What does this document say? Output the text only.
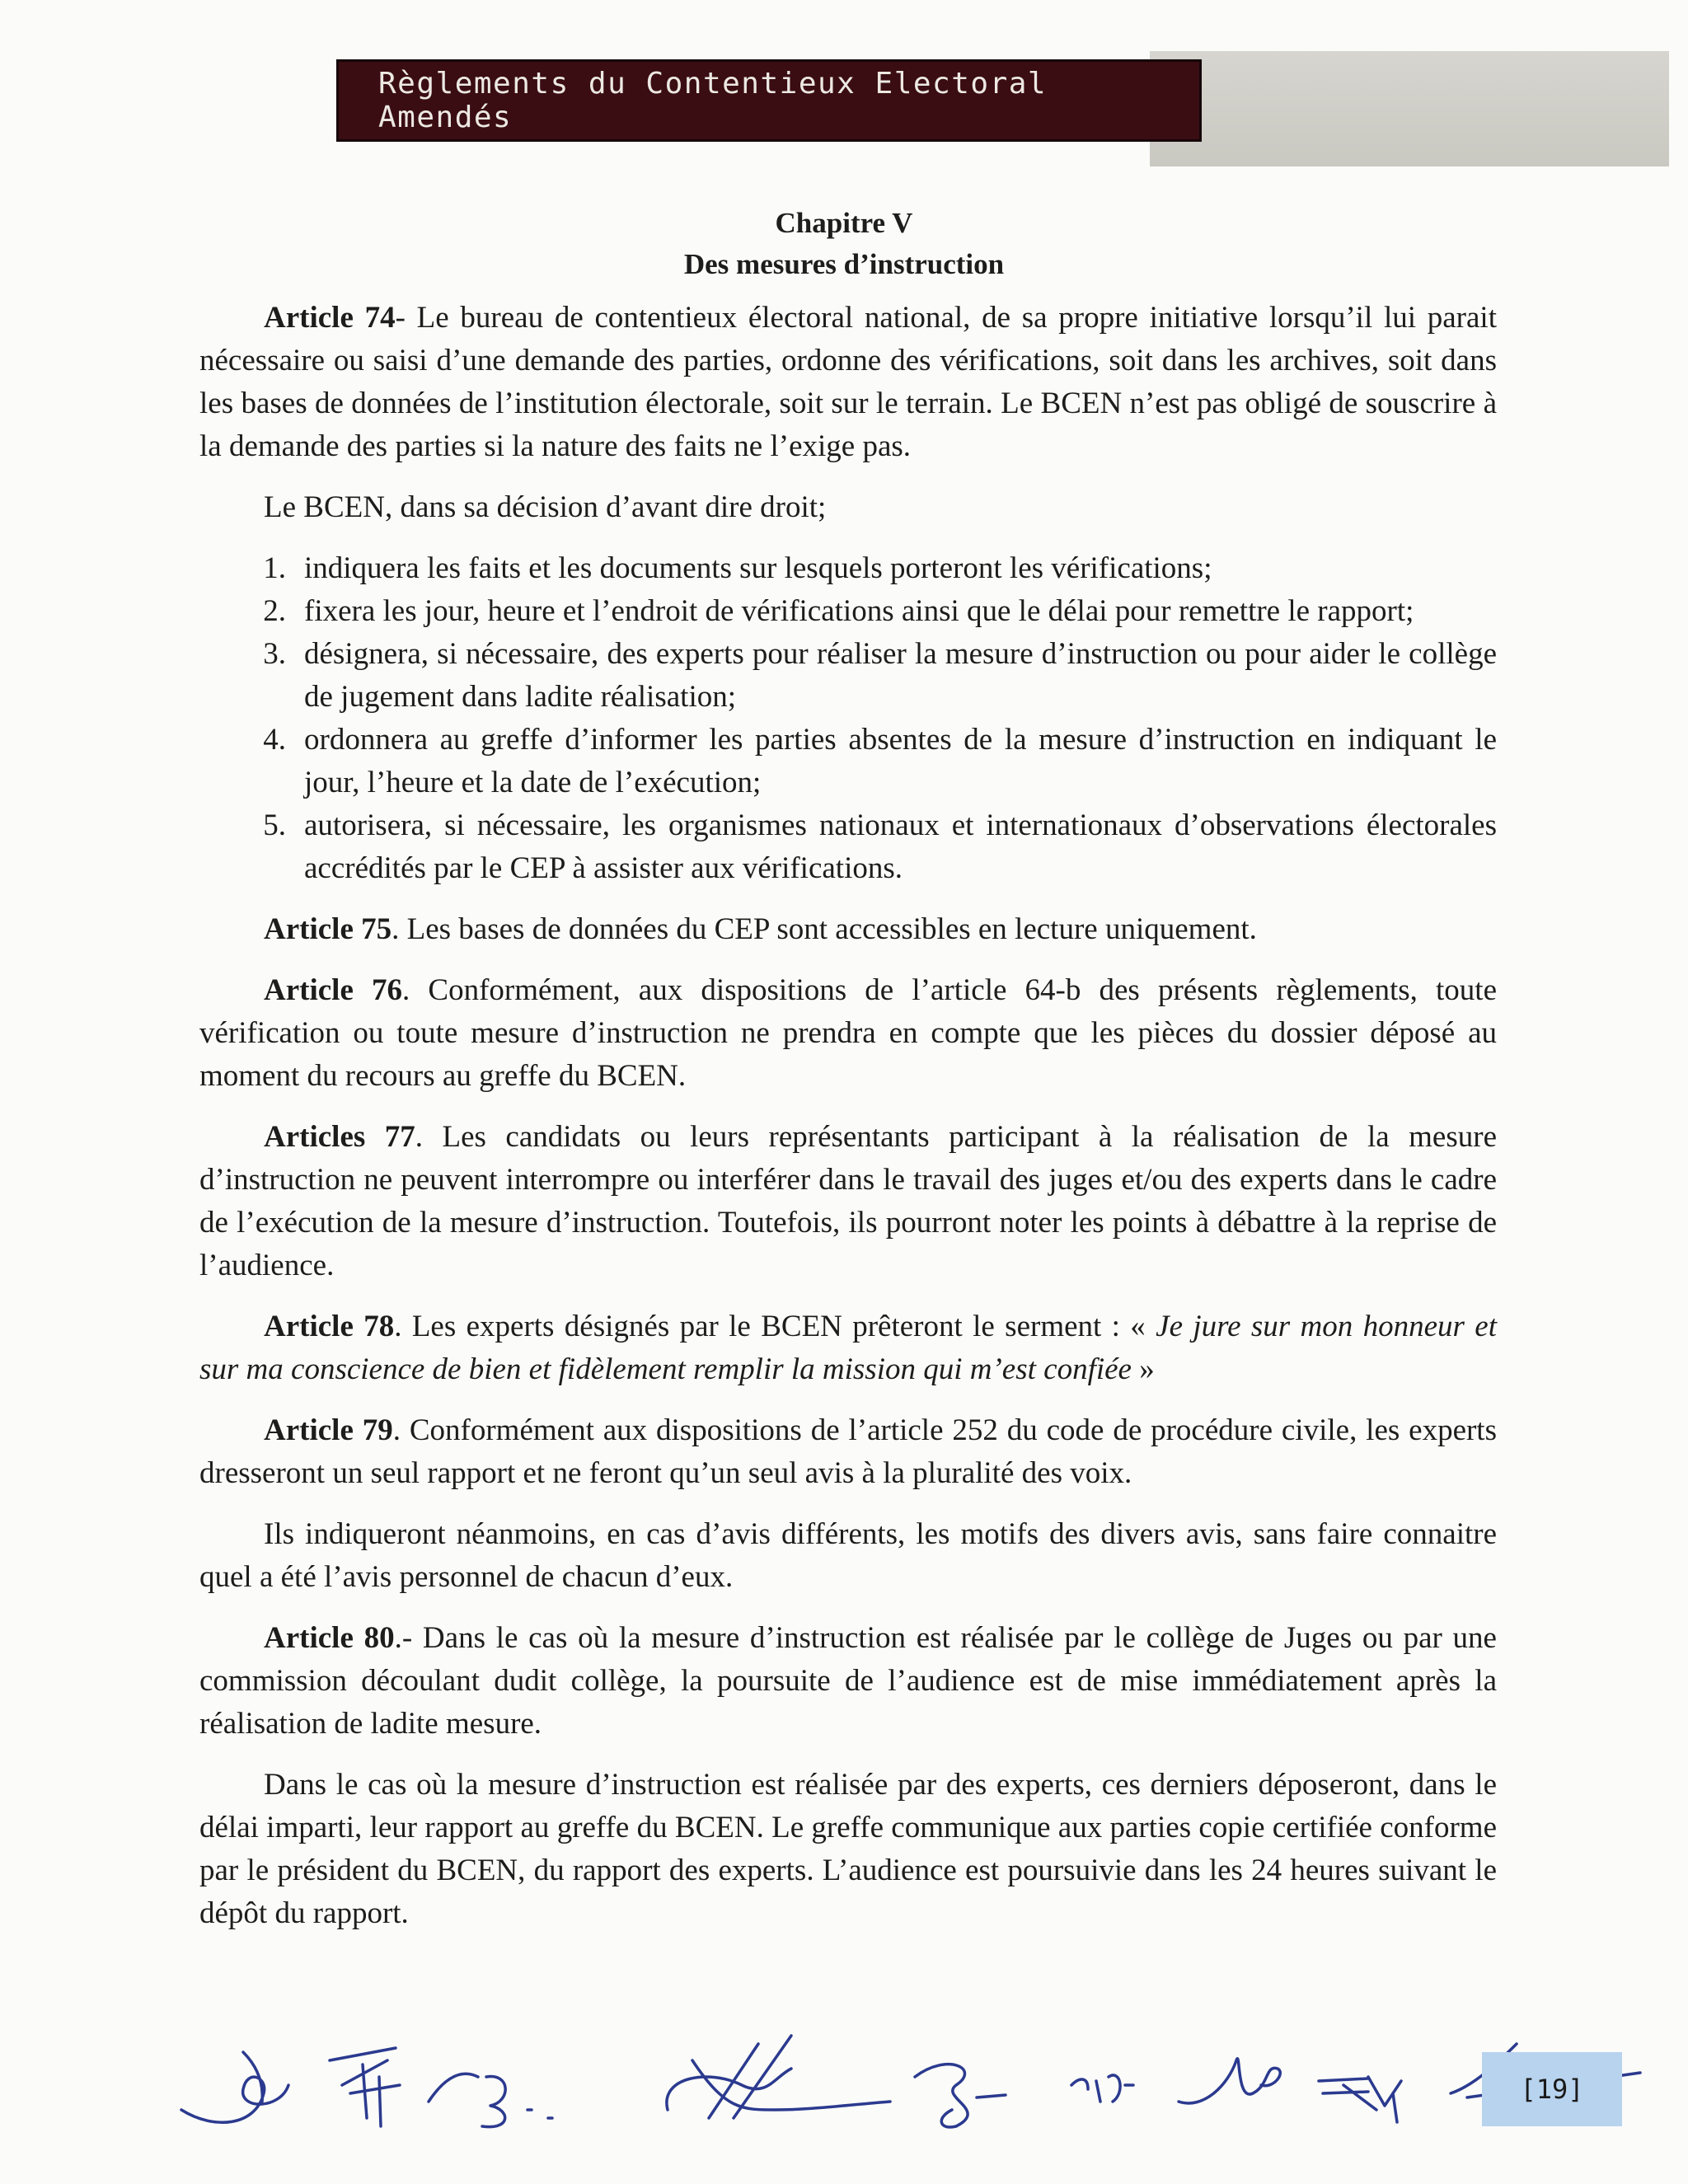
Règlements du Contentieux Electoral Amendés
Chapitre V
Des mesures d’instruction

Article 74- Le bureau de contentieux électoral national, de sa propre initiative lorsqu’il lui parait nécessaire ou saisi d’une demande des parties, ordonne des vérifications, soit dans les archives, soit dans les bases de données de l’institution électorale, soit sur le terrain. Le BCEN n’est pas obligé de souscrire à la demande des parties si la nature des faits ne l’exige pas.

Le BCEN, dans sa décision d’avant dire droit;

1. indiquera les faits et les documents sur lesquels porteront les vérifications;
2. fixera les jour, heure et l’endroit de vérifications ainsi que le délai pour remettre le rapport;
3. désignera, si nécessaire, des experts pour réaliser la mesure d’instruction ou pour aider le collège de jugement dans ladite réalisation;
4. ordonnera au greffe d’informer les parties absentes de la mesure d’instruction en indiquant le jour, l’heure et la date de l’exécution;
5. autorisera, si nécessaire, les organismes nationaux et internationaux d’observations électorales accrédités par le CEP à assister aux vérifications.

Article 75. Les bases de données du CEP sont accessibles en lecture uniquement.

Article 76. Conformément, aux dispositions de l’article 64-b des présents règlements, toute vérification ou toute mesure d’instruction ne prendra en compte que les pièces du dossier déposé au moment du recours au greffe du BCEN.

Articles 77. Les candidats ou leurs représentants participant à la réalisation de la mesure d’instruction ne peuvent interrompre ou interférer dans le travail des juges et/ou des experts dans le cadre de l’exécution de la mesure d’instruction. Toutefois, ils pourront noter les points à débattre à la reprise de l’audience.

Article 78. Les experts désignés par le BCEN prêteront le serment : « Je jure sur mon honneur et sur ma conscience de bien et fidèlement remplir la mission qui m’est confiée »

Article 79. Conformément aux dispositions de l’article 252 du code de procédure civile, les experts dresseront un seul rapport et ne feront qu’un seul avis à la pluralité des voix.

Ils indiqueront néanmoins, en cas d’avis différents, les motifs des divers avis, sans faire connaitre quel a été l’avis personnel de chacun d’eux.

Article 80.- Dans le cas où la mesure d’instruction est réalisée par le collège de Juges ou par une commission découlant dudit collège, la poursuite de l’audience est de mise immédiatement après la réalisation de ladite mesure.

Dans le cas où la mesure d’instruction est réalisée par des experts, ces derniers déposeront, dans le délai imparti, leur rapport au greffe du BCEN. Le greffe communique aux parties copie certifiée conforme par le président du BCEN, du rapport des experts. L’audience est poursuivie dans les 24 heures suivant le dépôt du rapport.

[19]
